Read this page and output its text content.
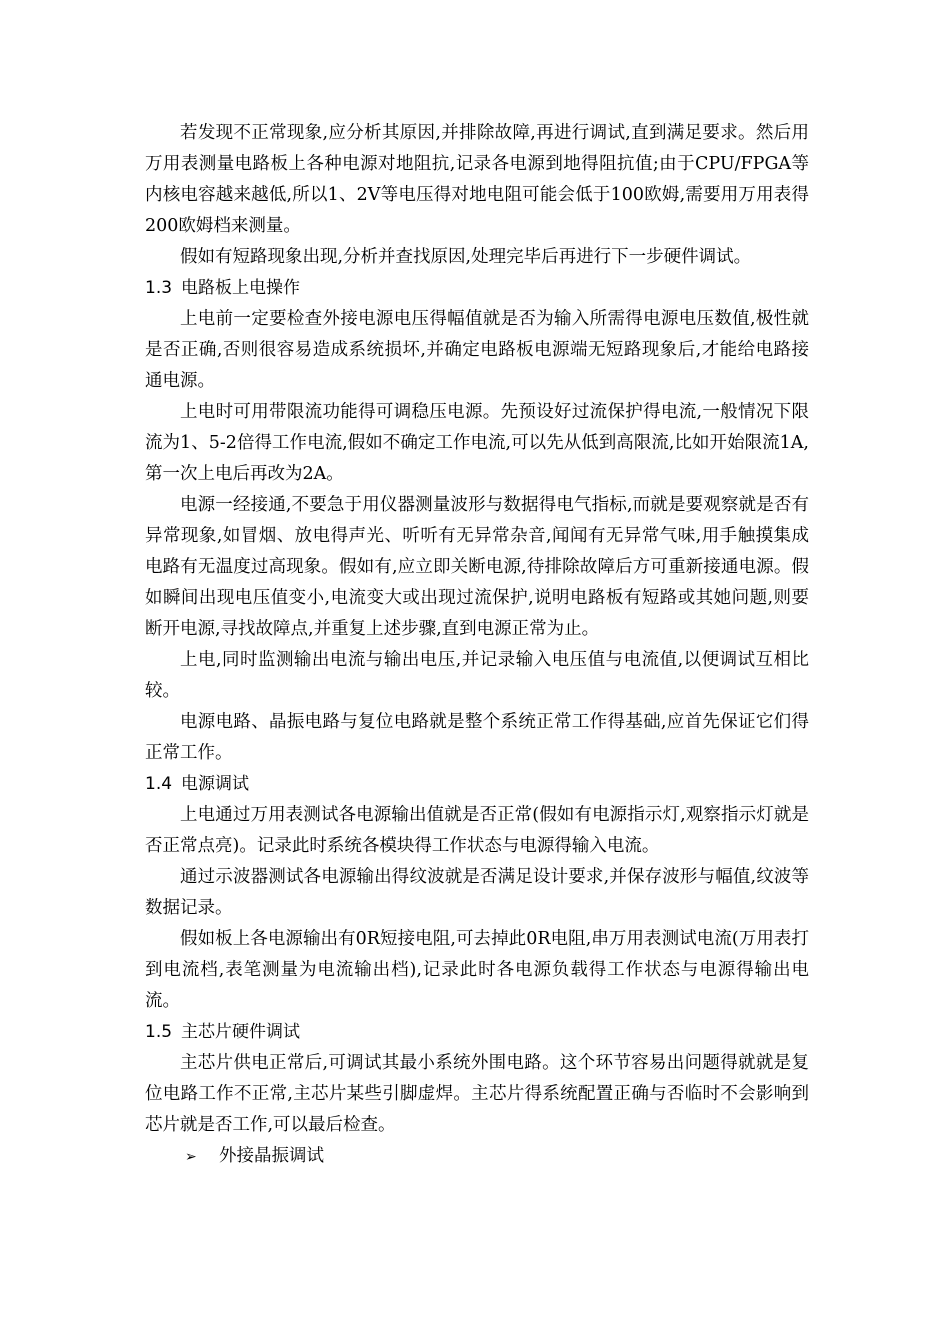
若发现不正常现象,应分析其原因,并排除故障,再进行调试,直到满足要求。然后用万用表测量电路板上各种电源对地阻抗,记录各电源到地得阻抗值;由于CPU/FPGA等内核电容越来越低,所以1、2V等电压得对地电阻可能会低于100欧姆,需要用万用表得200欧姆档来测量。

假如有短路现象出现,分析并查找原因,处理完毕后再进行下一步硬件调试。

1.3 电路板上电操作

上电前一定要检查外接电源电压得幅值就是否为输入所需得电源电压数值,极性就是否正确,否则很容易造成系统损坏,并确定电路板电源端无短路现象后,才能给电路接通电源。

上电时可用带限流功能得可调稳压电源。先预设好过流保护得电流,一般情况下限流为1、5-2倍得工作电流,假如不确定工作电流,可以先从低到高限流,比如开始限流1A,第一次上电后再改为2A。

电源一经接通,不要急于用仪器测量波形与数据得电气指标,而就是要观察就是否有异常现象,如冒烟、放电得声光、听听有无异常杂音,闻闻有无异常气味,用手触摸集成电路有无温度过高现象。假如有,应立即关断电源,待排除故障后方可重新接通电源。假如瞬间出现电压值变小,电流变大或出现过流保护,说明电路板有短路或其她问题,则要断开电源,寻找故障点,并重复上述步骤,直到电源正常为止。

上电,同时监测输出电流与输出电压,并记录输入电压值与电流值,以便调试互相比较。

电源电路、晶振电路与复位电路就是整个系统正常工作得基础,应首先保证它们得正常工作。

1.4 电源调试

上电通过万用表测试各电源输出值就是否正常(假如有电源指示灯,观察指示灯就是否正常点亮)。记录此时系统各模块得工作状态与电源得输入电流。

通过示波器测试各电源输出得纹波就是否满足设计要求,并保存波形与幅值,纹波等数据记录。

假如板上各电源输出有0R短接电阻,可去掉此0R电阻,串万用表测试电流(万用表打到电流档,表笔测量为电流输出档),记录此时各电源负载得工作状态与电源得输出电流。

1.5 主芯片硬件调试

主芯片供电正常后,可调试其最小系统外围电路。这个环节容易出问题得就就是复位电路工作不正常,主芯片某些引脚虚焊。主芯片得系统配置正确与否临时不会影响到芯片就是否工作,可以最后检查。

➢ 外接晶振调试
